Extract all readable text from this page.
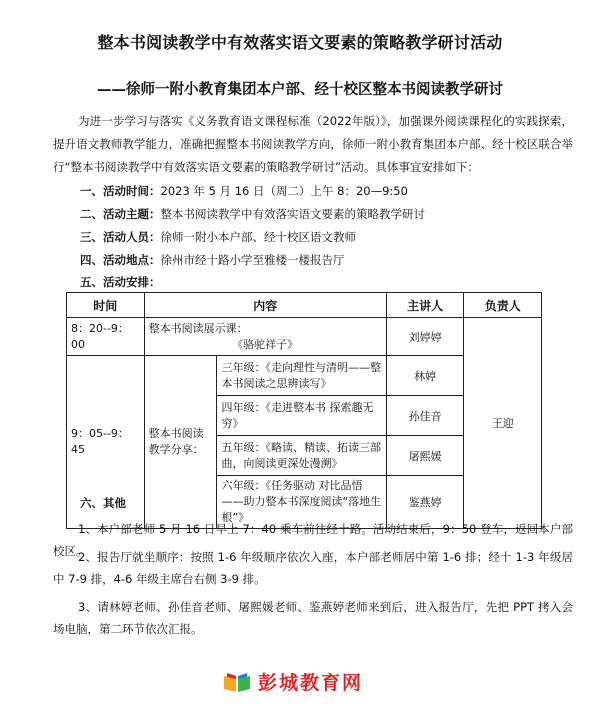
整本书阅读教学中有效落实语文要素的策略教学研讨活动
——徐师一附小教育集团本户部、经十校区整本书阅读教学研讨
为进一步学习与落实《义务教育语文课程标准（2022年版）》，加强课外阅读课程化的实践探索，提升语文教师教学能力，准确把握整本书阅读教学方向，徐师一附小教育集团本户部、经十校区联合举行“整本书阅读教学中有效落实语文要素的策略教学研讨”活动。具体事宜安排如下：
一、活动时间：2023 年 5 月 16 日（周二）上午 8：20—9:50
二、活动主题：整本书阅读教学中有效落实语文要素的策略教学研讨
三、活动人员：徐师一附小本户部、经十校区语文教师
四、活动地点：徐州市经十路小学至雅楼一楼报告厅
五、活动安排：
时间	内容		主讲人	负责人
8：20--9：00	整本书阅读展示课：
《骆驼祥子》		刘婷婷	王迎
9：05--9：45	整本书阅读教学分享：	三年级：《走向理性与清明——整本书阅读之思辨读写》	林婷	
		四年级：《走进整本书 探索趣无穷》	孙佳音	
		五年级：《略读、精读、拓读三部曲，向阅读更深处漫溯》	屠熙媛	
		六年级：《任务驱动 对比品悟——助力整本书深度阅读“落地生根”》	鉴燕婷	
六、其他
1、本户部老师 5 月 16 日早上 7：40 乘车前往经十路。活动结束后，9：50 登车，返回本户部校区。
2、报告厅就坐顺序：按照 1-6 年级顺序依次入座，本户部老师居中第 1-6 排；经十 1-3 年级居中 7-9 排，4-6 年级主席台右侧 3-9 排。
3、请林婷老师、孙佳音老师、屠熙媛老师、鉴燕婷老师来到后，进入报告厅，先把 PPT 拷入会场电脑，第二环节依次汇报。
彭城教育网
